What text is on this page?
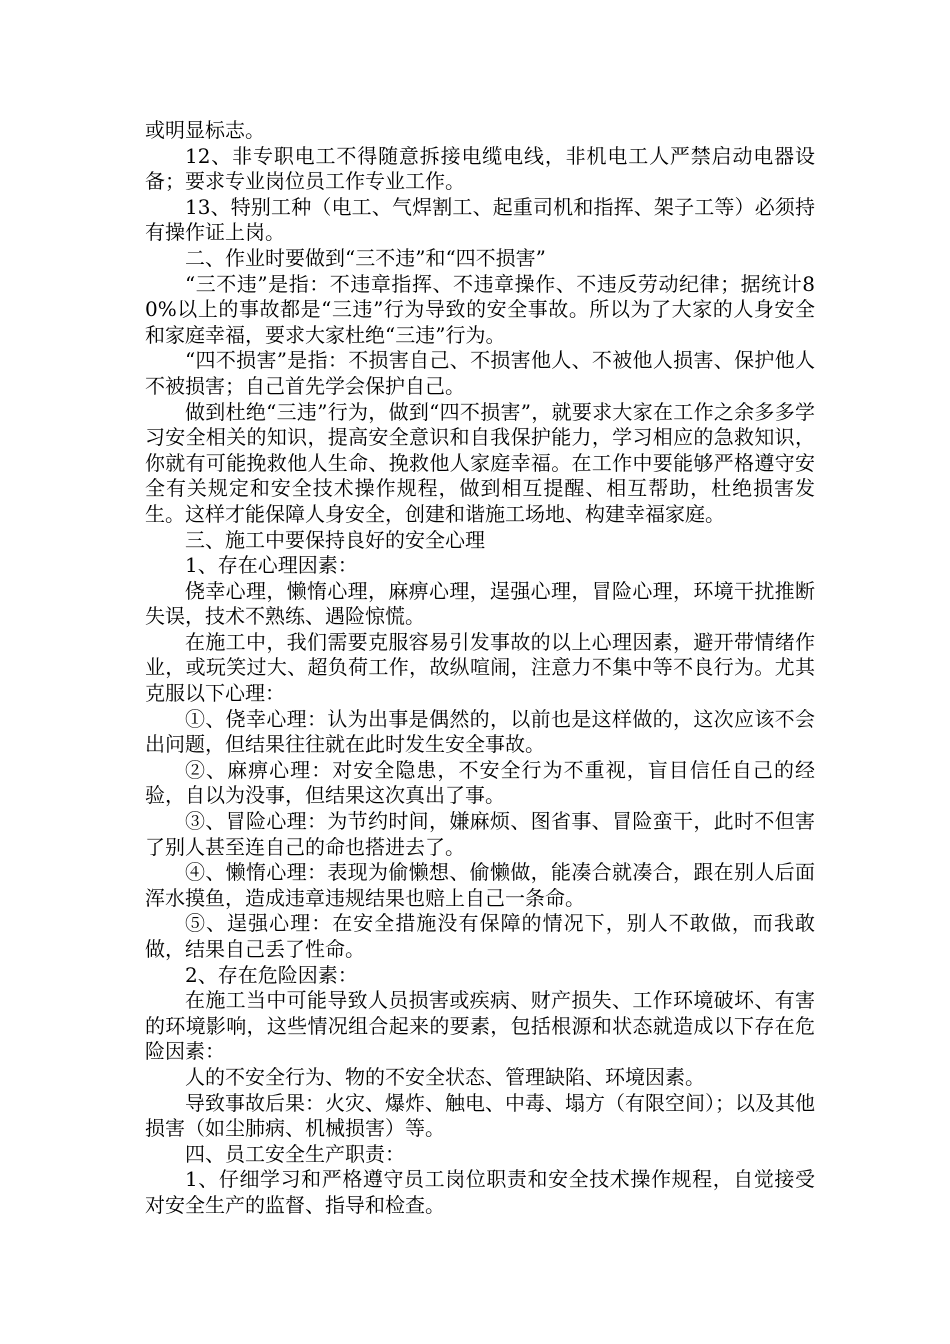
或明显标志。

12、非专职电工不得随意拆接电缆电线，非机电工人严禁启动电器设备；要求专业岗位员工作专业工作。

13、特别工种（电工、气焊割工、起重司机和指挥、架子工等）必须持有操作证上岗。

二、作业时要做到“三不违”和“四不损害”

“三不违”是指：不违章指挥、不违章操作、不违反劳动纪律；据统计80%以上的事故都是“三违”行为导致的安全事故。所以为了大家的人身安全和家庭幸福，要求大家杜绝“三违”行为。

“四不损害”是指：不损害自己、不损害他人、不被他人损害、保护他人不被损害；自己首先学会保护自己。

做到杜绝“三违”行为，做到“四不损害”，就要求大家在工作之余多多学习安全相关的知识，提高安全意识和自我保护能力，学习相应的急救知识，你就有可能挽救他人生命、挽救他人家庭幸福。在工作中要能够严格遵守安全有关规定和安全技术操作规程，做到相互提醒、相互帮助，杜绝损害发生。这样才能保障人身安全，创建和谐施工场地、构建幸福家庭。

三、施工中要保持良好的安全心理

1、存在心理因素：

侥幸心理，懒惰心理，麻痹心理，逞强心理，冒险心理，环境干扰推断失误，技术不熟练、遇险惊慌。

在施工中，我们需要克服容易引发事故的以上心理因素，避开带情绪作业，或玩笑过大、超负荷工作，故纵喧闹，注意力不集中等不良行为。尤其克服以下心理：

①、侥幸心理：认为出事是偶然的，以前也是这样做的，这次应该不会出问题，但结果往往就在此时发生安全事故。

②、麻痹心理：对安全隐患，不安全行为不重视，盲目信任自己的经验，自以为没事，但结果这次真出了事。

③、冒险心理：为节约时间，嫌麻烦、图省事、冒险蛮干，此时不但害了别人甚至连自己的命也搭进去了。

④、懒惰心理：表现为偷懒想、偷懒做，能凑合就凑合，跟在别人后面浑水摸鱼，造成违章违规结果也赔上自己一条命。

⑤、逞强心理：在安全措施没有保障的情况下，别人不敢做，而我敢做，结果自己丢了性命。

2、存在危险因素：

在施工当中可能导致人员损害或疾病、财产损失、工作环境破坏、有害的环境影响，这些情况组合起来的要素，包括根源和状态就造成以下存在危险因素：

人的不安全行为、物的不安全状态、管理缺陷、环境因素。

导致事故后果：火灾、爆炸、触电、中毒、塌方（有限空间）；以及其他损害（如尘肺病、机械损害）等。

四、员工安全生产职责：

1、仔细学习和严格遵守员工岗位职责和安全技术操作规程，自觉接受对安全生产的监督、指导和检查。
